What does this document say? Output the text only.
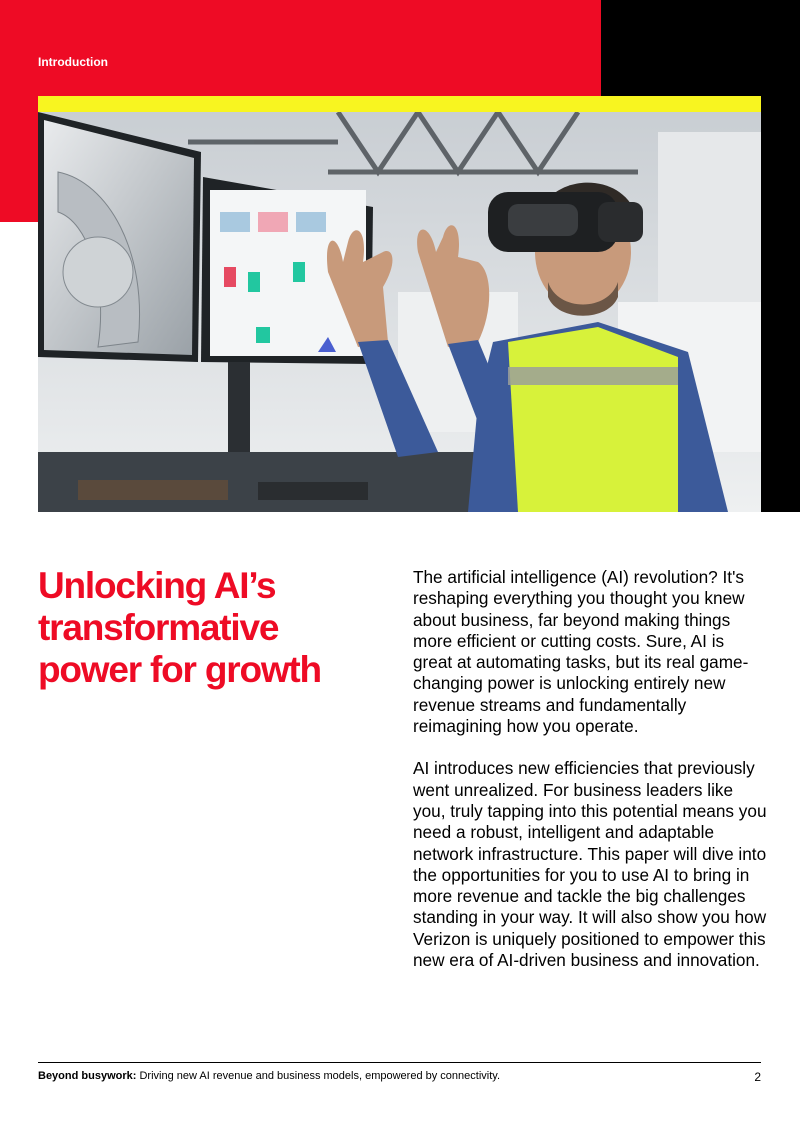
Introduction
Unlocking AI’s
transformative
power for growth

The artificial intelligence (AI) revolution? It's reshaping everything you thought you knew about business, far beyond making things more efficient or cutting costs. Sure, AI is great at automating tasks, but its real game-changing power is unlocking entirely new revenue streams and fundamentally reimagining how you operate.

AI introduces new efficiencies that previously went unrealized. For business leaders like you, truly tapping into this potential means you need a robust, intelligent and adaptable network infrastructure. This paper will dive into the opportunities for you to use AI to bring in more revenue and tackle the big challenges standing in your way. It will also show you how Verizon is uniquely positioned to empower this new era of AI-driven business and innovation.

Beyond busywork: Driving new AI revenue and business models, empowered by connectivity.	2
